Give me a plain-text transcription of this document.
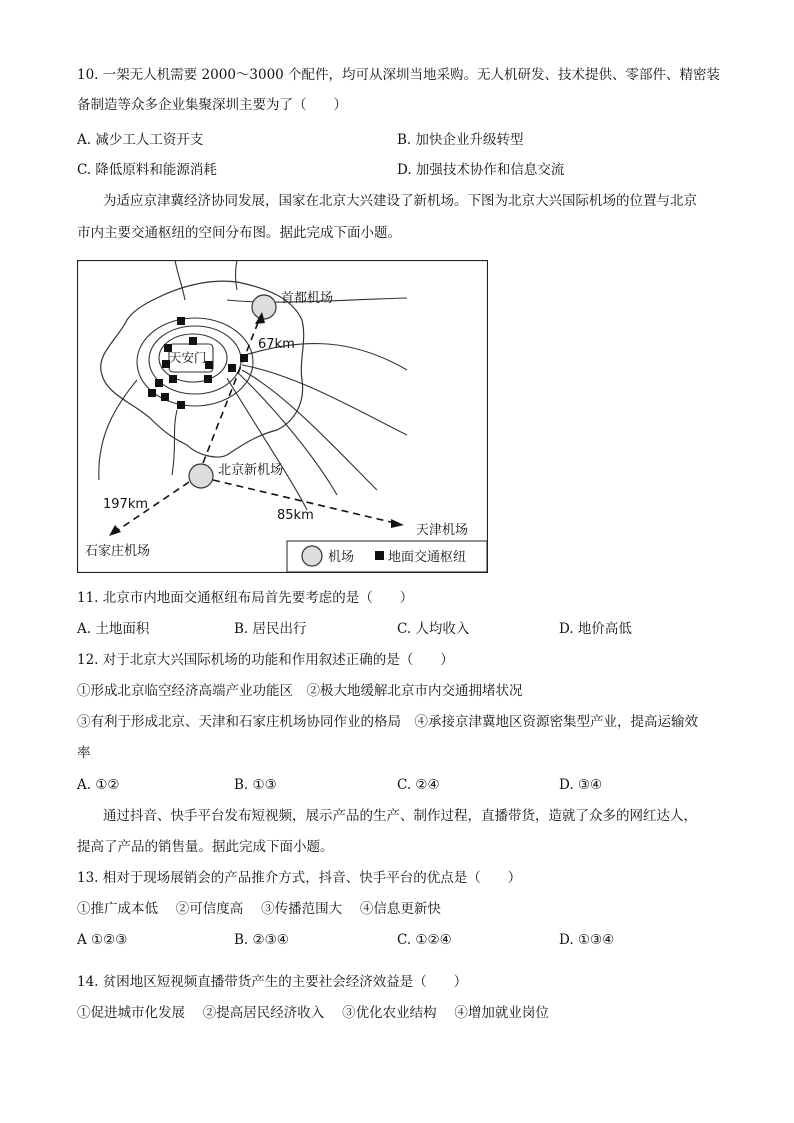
10. 一架无人机需要 2000～3000 个配件，均可从深圳当地采购。无人机研发、技术提供、零部件、精密装
备制造等众多企业集聚深圳主要为了（　　）
A. 减少工人工资开支	B. 加快企业升级转型
C. 降低原料和能源消耗	D. 加强技术协作和信息交流
为适应京津冀经济协同发展，国家在北京大兴建设了新机场。下图为北京大兴国际机场的位置与北京
市内主要交通枢纽的空间分布图。据此完成下面小题。
首都机场
天安门
67km
北京新机场
197km
85km
天津机场
石家庄机场	机场	地面交通枢纽
11. 北京市内地面交通枢纽布局首先要考虑的是（　　）
A. 土地面积	B. 居民出行	C. 人均收入	D. 地价高低
12. 对于北京大兴国际机场的功能和作用叙述正确的是（　　）
①形成北京临空经济高端产业功能区　②极大地缓解北京市内交通拥堵状况
③有利于形成北京、天津和石家庄机场协同作业的格局　④承接京津冀地区资源密集型产业，提高运输效
率
A. ①②	B. ①③	C. ②④	D. ③④
通过抖音、快手平台发布短视频，展示产品的生产、制作过程，直播带货，造就了众多的网红达人，
提高了产品的销售量。据此完成下面小题。
13. 相对于现场展销会的产品推介方式，抖音、快手平台的优点是（　　）
①推广成本低　 ②可信度高　 ③传播范围大　 ④信息更新快
A ①②③	B. ②③④	C. ①②④	D. ①③④
14. 贫困地区短视频直播带货产生的主要社会经济效益是（　　）
①促进城市化发展　 ②提高居民经济收入　 ③优化农业结构　 ④增加就业岗位
